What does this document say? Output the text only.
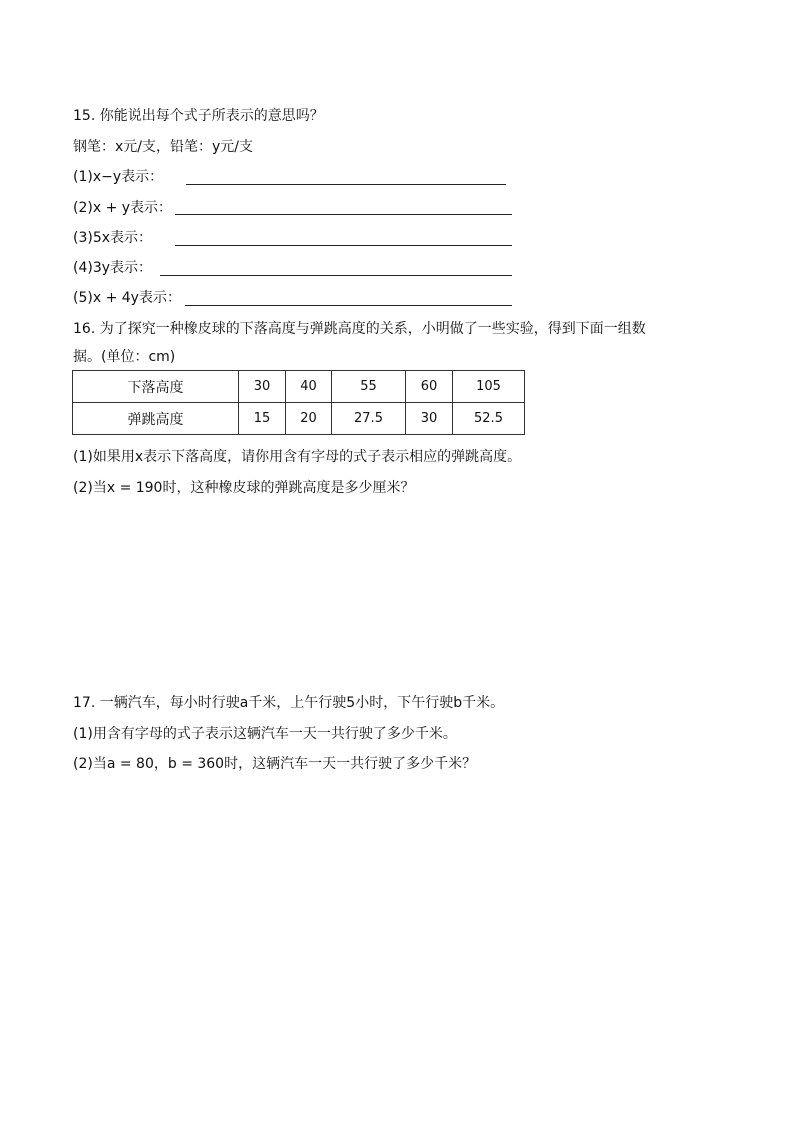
15. 你能说出每个式子所表示的意思吗？
钢笔：x元/支，铅笔：y元/支
(1)x−y表示：
(2)x + y表示：
(3)5x表示：
(4)3y表示：
(5)x + 4y表示：
16. 为了探究一种橡皮球的下落高度与弹跳高度的关系，小明做了一些实验，得到下面一组数
据。(单位：cm)
下落高度	30	40	55	60	105
弹跳高度	15	20	27.5	30	52.5
(1)如果用x表示下落高度，请你用含有字母的式子表示相应的弹跳高度。
(2)当x = 190时，这种橡皮球的弹跳高度是多少厘米？
17. 一辆汽车，每小时行驶a千米，上午行驶5小时，下午行驶b千米。
(1)用含有字母的式子表示这辆汽车一天一共行驶了多少千米。
(2)当a = 80，b = 360时，这辆汽车一天一共行驶了多少千米？
